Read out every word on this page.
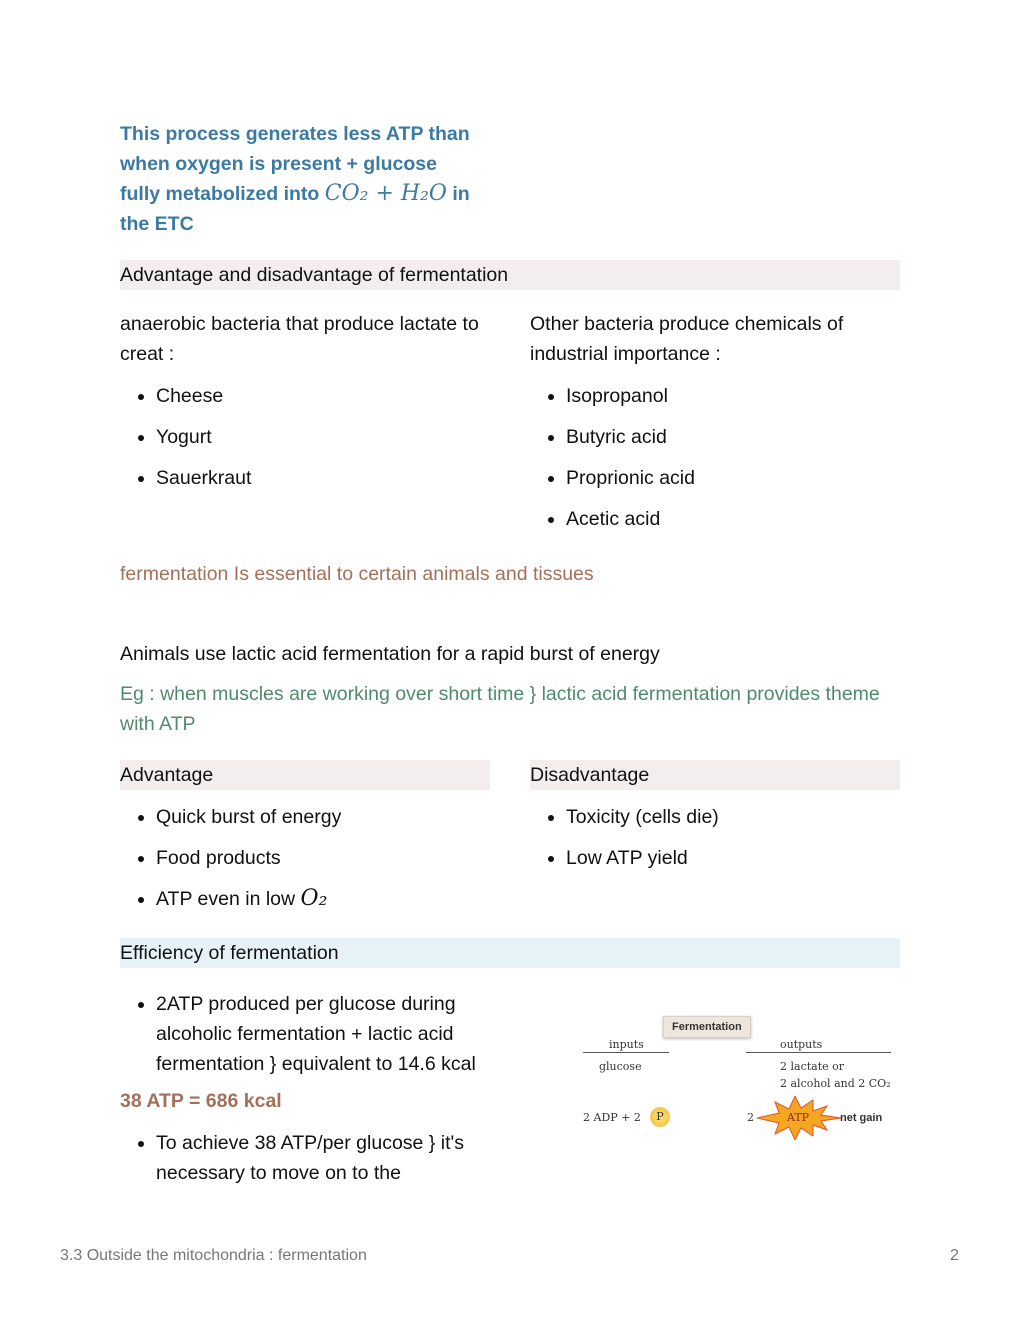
This process generates less ATP than
when oxygen is present + glucose
fully metabolized into CO₂ + H₂O in
the ETC
Advantage and disadvantage of fermentation
anaerobic bacteria that produce lactate to creat :
• Cheese
• Yogurt
• Sauerkraut
Other bacteria produce chemicals of industrial importance :
• Isopropanol
• Butyric acid
• Proprionic acid
• Acetic acid
fermentation Is essential to certain animals and tissues
Animals use lactic acid fermentation for a rapid burst of energy
Eg : when muscles are working over short time } lactic acid fermentation provides theme with ATP
Advantage	Disadvantage
• Quick burst of energy
• Food products
• ATP even in low O₂
• Toxicity (cells die)
• Low ATP yield
Efficiency of fermentation
• 2ATP produced per glucose during alcoholic fermentation + lactic acid fermentation } equivalent to 14.6 kcal
38 ATP = 686 kcal
• To achieve 38 ATP/per glucose } it's necessary to move on to the
Fermentation
inputs	outputs
glucose	2 lactate or
2 alcohol and 2 CO₂
2 ADP + 2	P	2	ATP	net gain
3.3 Outside the mitochondria : fermentation	2
